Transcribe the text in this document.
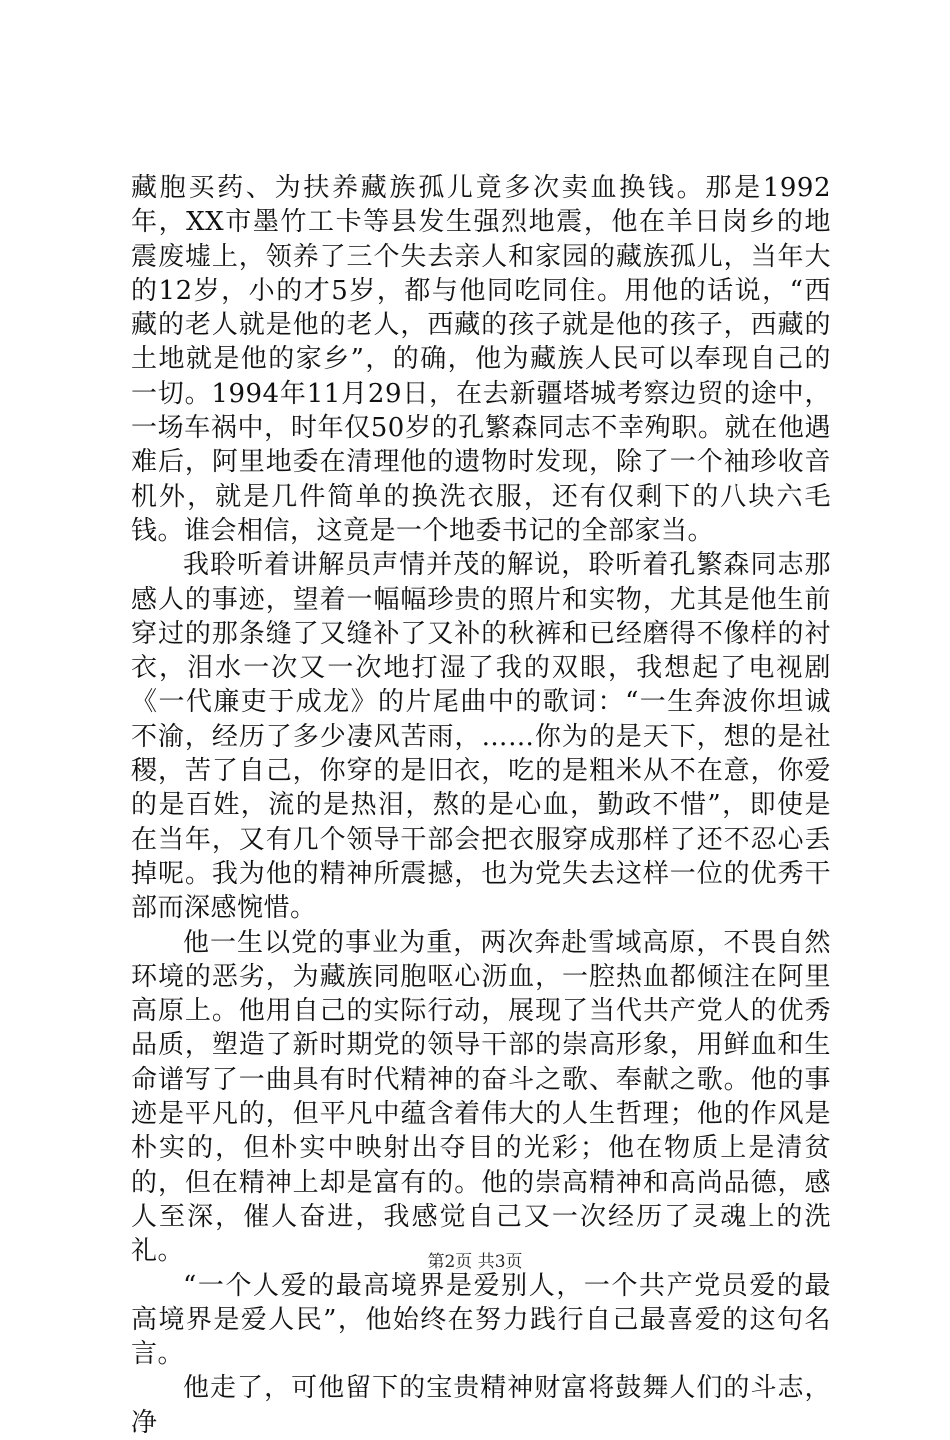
藏胞买药、为扶养藏族孤儿竟多次卖血换钱。那是1992年，XX市墨竹工卡等县发生强烈地震，他在羊日岗乡的地震废墟上，领养了三个失去亲人和家园的藏族孤儿，当年大的12岁，小的才5岁，都与他同吃同住。用他的话说，“西藏的老人就是他的老人，西藏的孩子就是他的孩子，西藏的土地就是他的家乡”，的确，他为藏族人民可以奉现自己的一切。1994年11月29日，在去新疆塔城考察边贸的途中，一场车祸中，时年仅50岁的孔繁森同志不幸殉职。就在他遇难后，阿里地委在清理他的遗物时发现，除了一个袖珍收音机外，就是几件简单的换洗衣服，还有仅剩下的八块六毛钱。谁会相信，这竟是一个地委书记的全部家当。

我聆听着讲解员声情并茂的解说，聆听着孔繁森同志那感人的事迹，望着一幅幅珍贵的照片和实物，尤其是他生前穿过的那条缝了又缝补了又补的秋裤和已经磨得不像样的衬衣，泪水一次又一次地打湿了我的双眼，我想起了电视剧《一代廉吏于成龙》的片尾曲中的歌词：“一生奔波你坦诚不渝，经历了多少凄风苦雨，……你为的是天下，想的是社稷，苦了自己，你穿的是旧衣，吃的是粗米从不在意，你爱的是百姓，流的是热泪，熬的是心血，勤政不惜”，即使是在当年，又有几个领导干部会把衣服穿成那样了还不忍心丢掉呢。我为他的精神所震撼，也为党失去这样一位的优秀干部而深感惋惜。

他一生以党的事业为重，两次奔赴雪域高原，不畏自然环境的恶劣，为藏族同胞呕心沥血，一腔热血都倾注在阿里高原上。他用自己的实际行动，展现了当代共产党人的优秀品质，塑造了新时期党的领导干部的崇高形象，用鲜血和生命谱写了一曲具有时代精神的奋斗之歌、奉献之歌。他的事迹是平凡的，但平凡中蕴含着伟大的人生哲理；他的作风是朴实的，但朴实中映射出夺目的光彩；他在物质上是清贫的，但在精神上却是富有的。他的崇高精神和高尚品德，感人至深，催人奋进，我感觉自己又一次经历了灵魂上的洗礼。

“一个人爱的最高境界是爱别人，一个共产党员爱的最高境界是爱人民”，他始终在努力践行自己最喜爱的这句名言。

他走了，可他留下的宝贵精神财富将鼓舞人们的斗志，净

第2页 共3页
